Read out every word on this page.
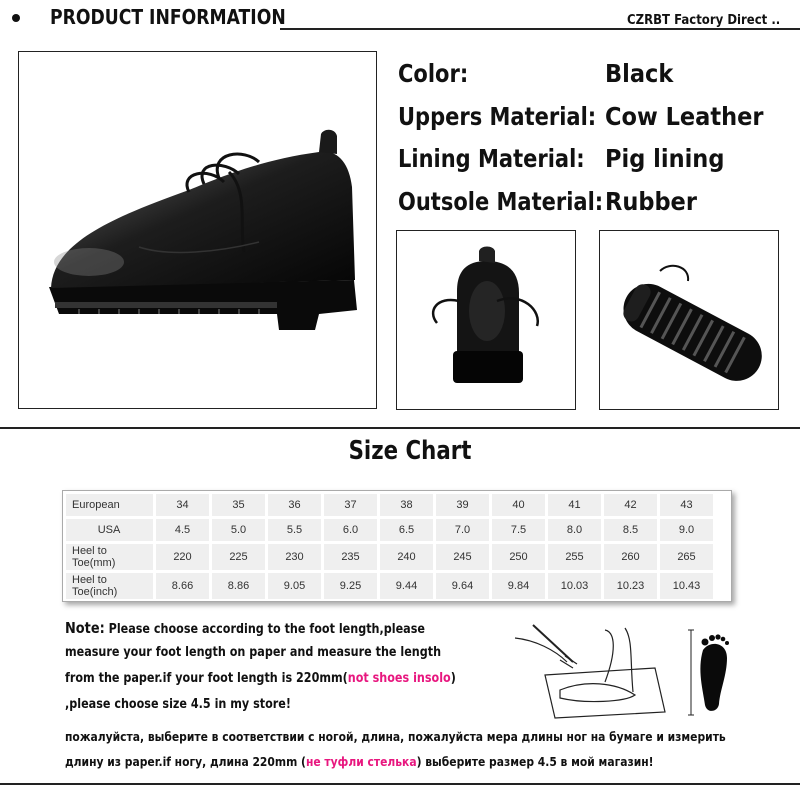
PRODUCT INFORMATION	CZRBT Factory Direct ..
Color:	Black
Uppers Material: Cow Leather
Lining Material: Pig lining
Outsole Material: Rubber
Size Chart
European	34	35	36	37	38	39	40	41	42	43
USA	4.5	5.0	5.5	6.0	6.5	7.0	7.5	8.0	8.5	9.0
Heel to Toe(mm)	220	225	230	235	240	245	250	255	260	265
Heel to Toe(inch)	8.66	8.86	9.05	9.25	9.44	9.64	9.84	10.03	10.23	10.43
Note: Please choose according to the foot length,please
measure your foot length on paper and measure the length
from the paper.if your foot length is 220mm(not shoes insolo)
,please choose size 4.5 in my store!
пожалуйста, выберите в соответствии с ногой, длина, пожалуйста мера длины ног на бумаге и измерить
длину из paper.if ногу, длина 220mm (не туфли стелька) выберите размер 4.5 в мой магазин!
